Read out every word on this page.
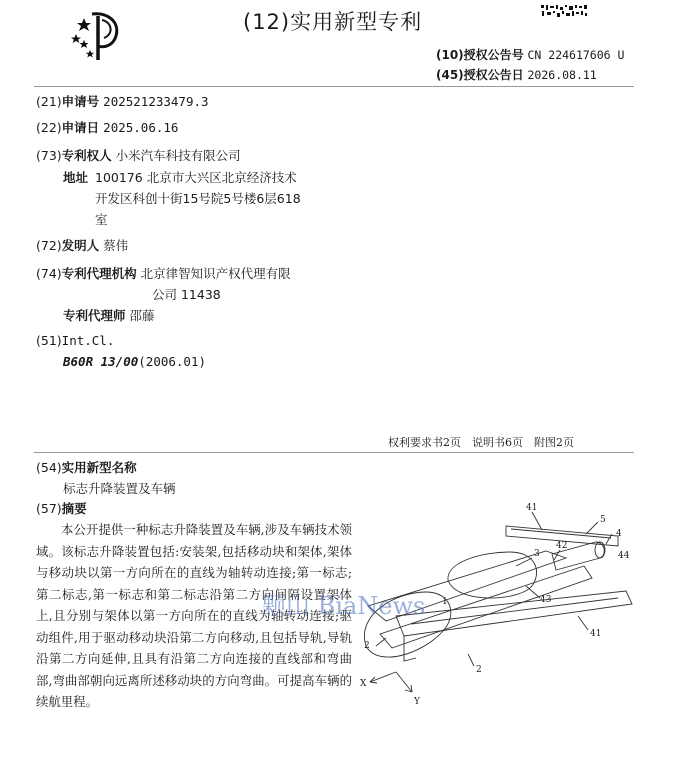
(12)实用新型专利
(10)授权公告号 CN 224617606 U
(45)授权公告日 2026.08.11
(21)申请号 202521233479.3
(22)申请日 2025.06.16
(73)专利权人 小米汽车科技有限公司
地址 100176 北京市大兴区北京经济技术
开发区科创十街15号院5号楼6层618
室
(72)发明人 蔡伟
(74)专利代理机构 北京律智知识产权代理有限
公司 11438
专利代理师 邵藤
(51)Int.Cl.
B60R 13/00(2006.01)
权利要求书2页　说明书6页　附图2页
(54)实用新型名称
标志升降装置及车辆
(57)摘要
本公开提供一种标志升降装置及车辆,涉及车辆技术领域。该标志升降装置包括:安装架,包括移动块和架体,架体与移动块以第一方向所在的直线为轴转动连接;第一标志;第二标志,第一标志和第二标志沿第二方向间隔设置架体上,且分别与架体以第一方向所在的直线为轴转动连接;驱动组件,用于驱动移动块沿第二方向移动,且包括导轨,导轨沿第二方向延伸,且具有沿第二方向连接的直线部和弯曲部,弯曲部朝向远离所述移动块的方向弯曲。可提高车辆的续航里程。
41
5
4
44
42
3
43
1
2
41
2
X
Y
颗山 BiaNews
